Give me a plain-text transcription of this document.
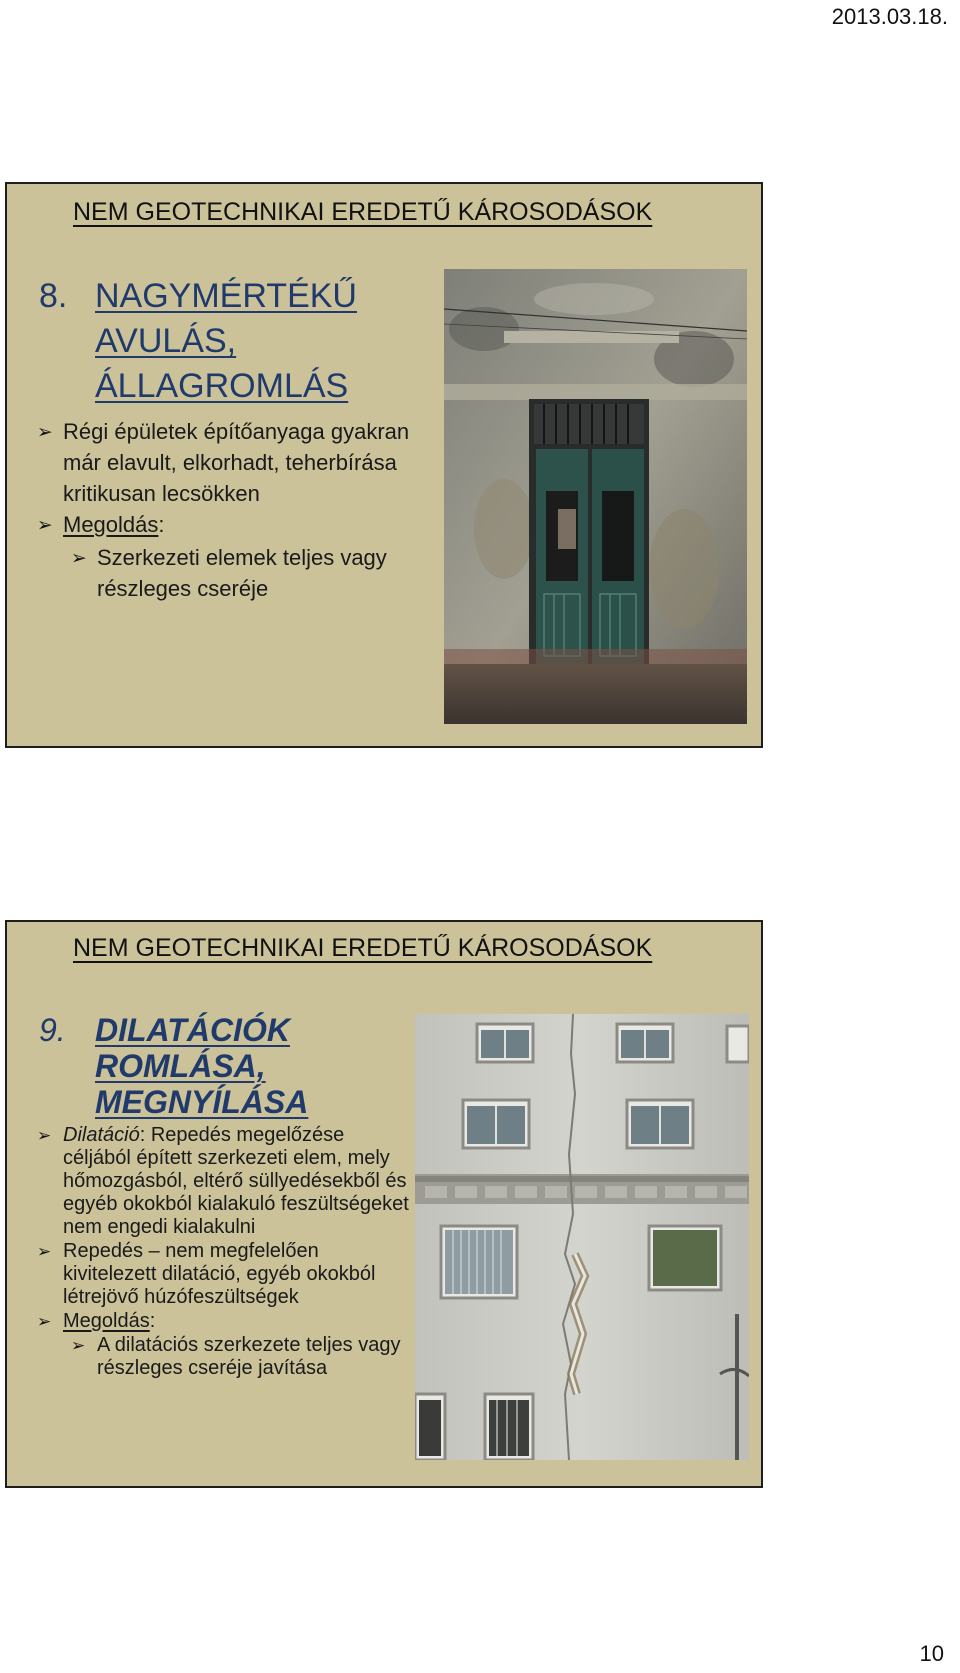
2013.03.18.
NEM GEOTECHNIKAI EREDETŰ KÁROSODÁSOK
8. NAGYMÉRTÉKŰ
AVULÁS,
ÁLLAGROMLÁS
➢ Régi épületek építőanyaga gyakran már elavult, elkorhadt, teherbírása kritikusan lecsökken
➢ Megoldás:
➢ Szerkezeti elemek teljes vagy részleges cseréje
NEM GEOTECHNIKAI EREDETŰ KÁROSODÁSOK
9. DILATÁCIÓK
ROMLÁSA,
MEGNYÍLÁSA
➢ Dilatáció: Repedés megelőzése céljából épített szerkezeti elem, mely hőmozgásból, eltérő süllyedésekből és egyéb okokból kialakuló feszültségeket nem engedi kialakulni
➢ Repedés – nem megfelelően kivitelezett dilatáció, egyéb okokból létrejövő húzófeszültségek
➢ Megoldás:
➢ A dilatációs szerkezete teljes vagy részleges cseréje javítása
10
